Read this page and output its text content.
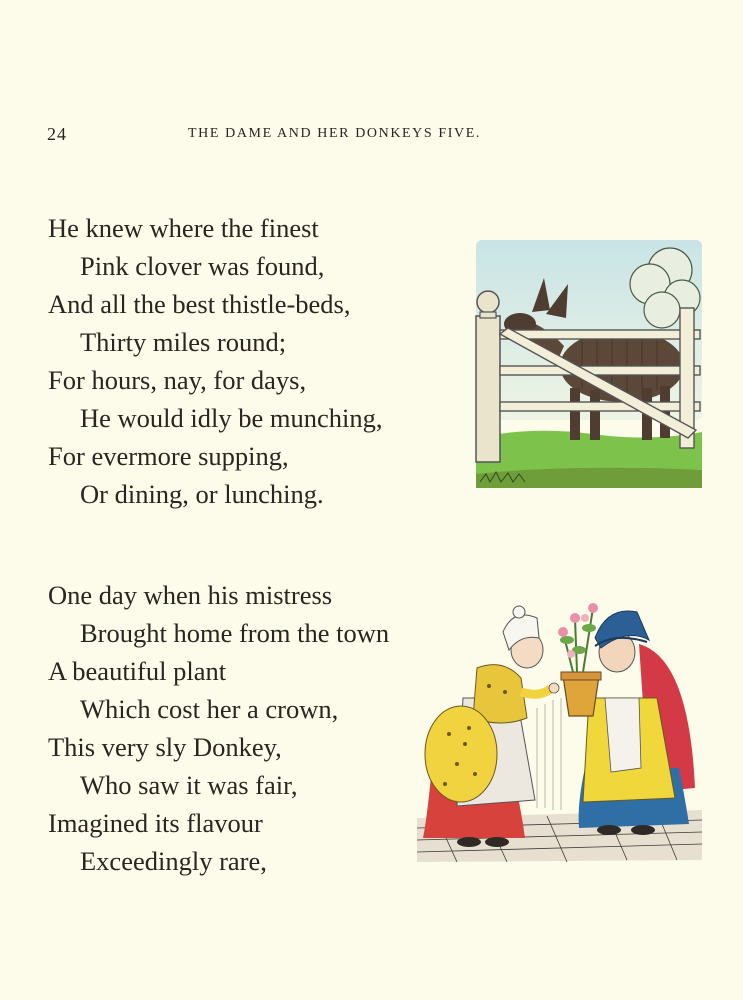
24	THE DAME AND HER DONKEYS FIVE.
He knew where the finest
Pink clover was found,
And all the best thistle-beds,
Thirty miles round;
For hours, nay, for days,
He would idly be munching,
For evermore supping,
Or dining, or lunching.
One day when his mistress
Brought home from the town
A beautiful plant
Which cost her a crown,
This very sly Donkey,
Who saw it was fair,
Imagined its flavour
Exceedingly rare,
